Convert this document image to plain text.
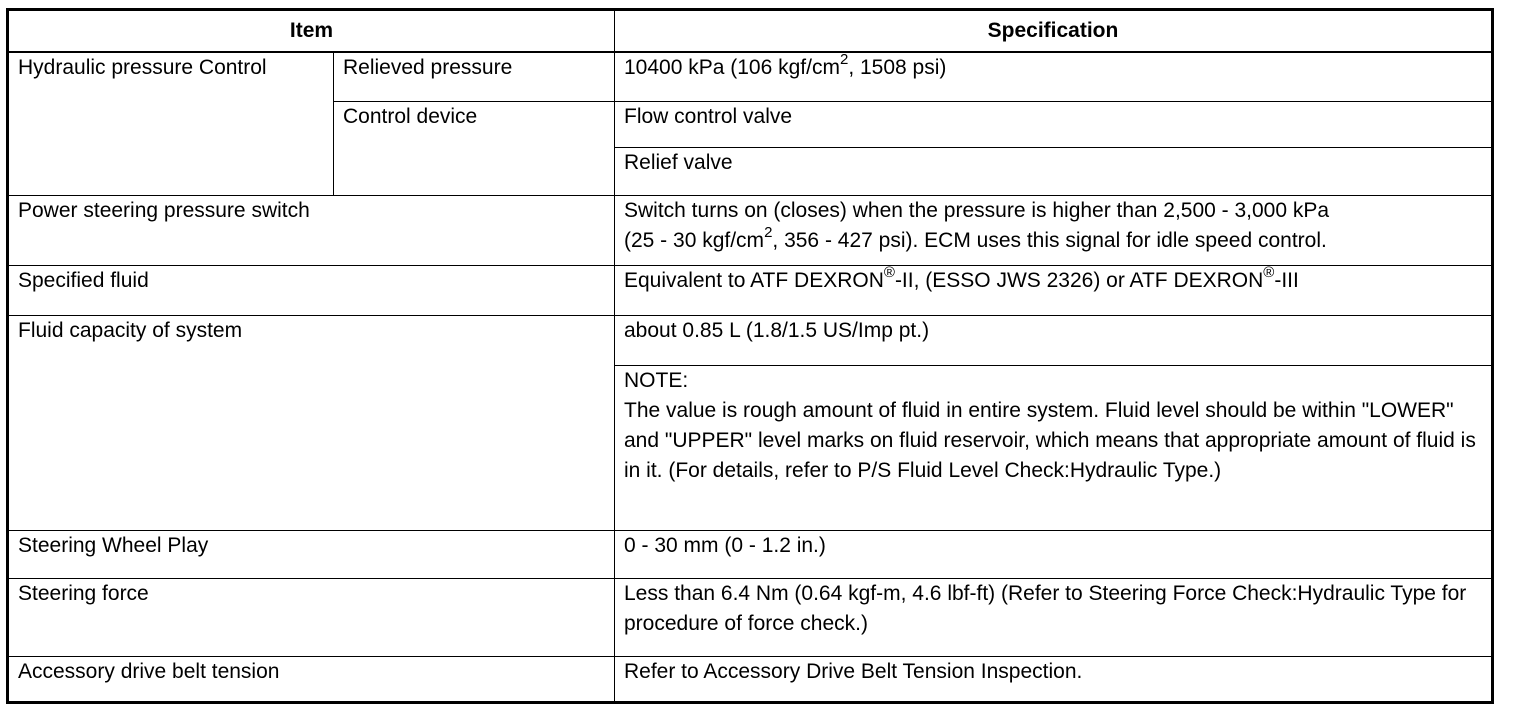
Item		Specification
Hydraulic pressure Control	Relieved pressure	10400 kPa (106 kgf/$cm^2$, 1508 psi)
	Control device	Flow control valve
		Relief valve
Power steering pressure switch		Switch turns on (closes) when the pressure is higher than 2,500 - 3,000 kPa
(25 - 30 kgf/$cm^2$, 356 - 427 psi). ECM uses this signal for idle speed control.

Specified fluid		Equivalent to ATF DEXRON®-II, (ESSO JWS 2326) or ATF DEXRON®-III
Fluid capacity of system		about 0.85 L (1.8/1.5 US/Imp pt.)

		NOTE:
The value is rough amount of fluid in entire system. Fluid level should be within "LOWER" and "UPPER" level marks on fluid reservoir, which means that appropriate amount of fluid is in it. (For details, refer to P/S Fluid Level Check:Hydraulic Type.)

Steering Wheel Play		0 - 30 mm (0 - 1.2 in.)
Steering force		Less than 6.4 Nm (0.64 kgf-m, 4.6 lbf-ft) (Refer to Steering Force Check:Hydraulic Type for procedure of force check.)
Accessory drive belt tension		Refer to Accessory Drive Belt Tension Inspection.
